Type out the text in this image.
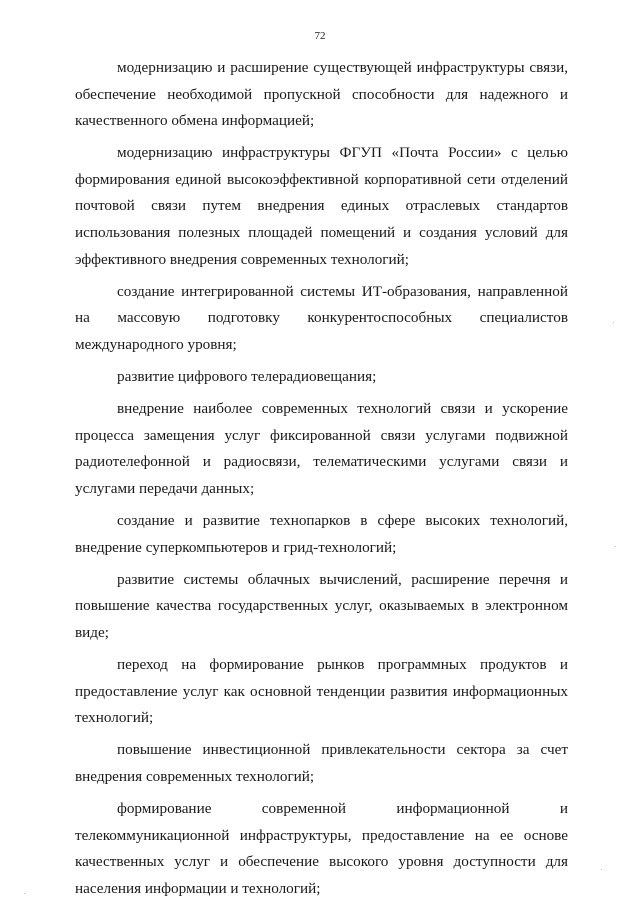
72

модернизацию и расширение существующей инфраструктуры связи, обеспечение необходимой пропускной способности для надежного и качественного обмена информацией;

модернизацию инфраструктуры ФГУП «Почта России» с целью формирования единой высокоэффективной корпоративной сети отделений почтовой связи путем внедрения единых отраслевых стандартов использования полезных площадей помещений и создания условий для эффективного внедрения современных технологий;

создание интегрированной системы ИТ-образования, направленной на массовую подготовку конкурентоспособных специалистов международного уровня;

развитие цифрового телерадиовещания;

внедрение наиболее современных технологий связи и ускорение процесса замещения услуг фиксированной связи услугами подвижной радиотелефонной и радиосвязи, телематическими услугами связи и услугами передачи данных;

создание и развитие технопарков в сфере высоких технологий, внедрение суперкомпьютеров и грид-технологий;

развитие системы облачных вычислений, расширение перечня и повышение качества государственных услуг, оказываемых в электронном виде;

переход на формирование рынков программных продуктов и предоставление услуг как основной тенденции развития информационных технологий;

повышение инвестиционной привлекательности сектора за счет внедрения современных технологий;

формирование современной информационной и телекоммуникационной инфраструктуры, предоставление на ее основе качественных услуг и обеспечение высокого уровня доступности для населения информации и технологий;
